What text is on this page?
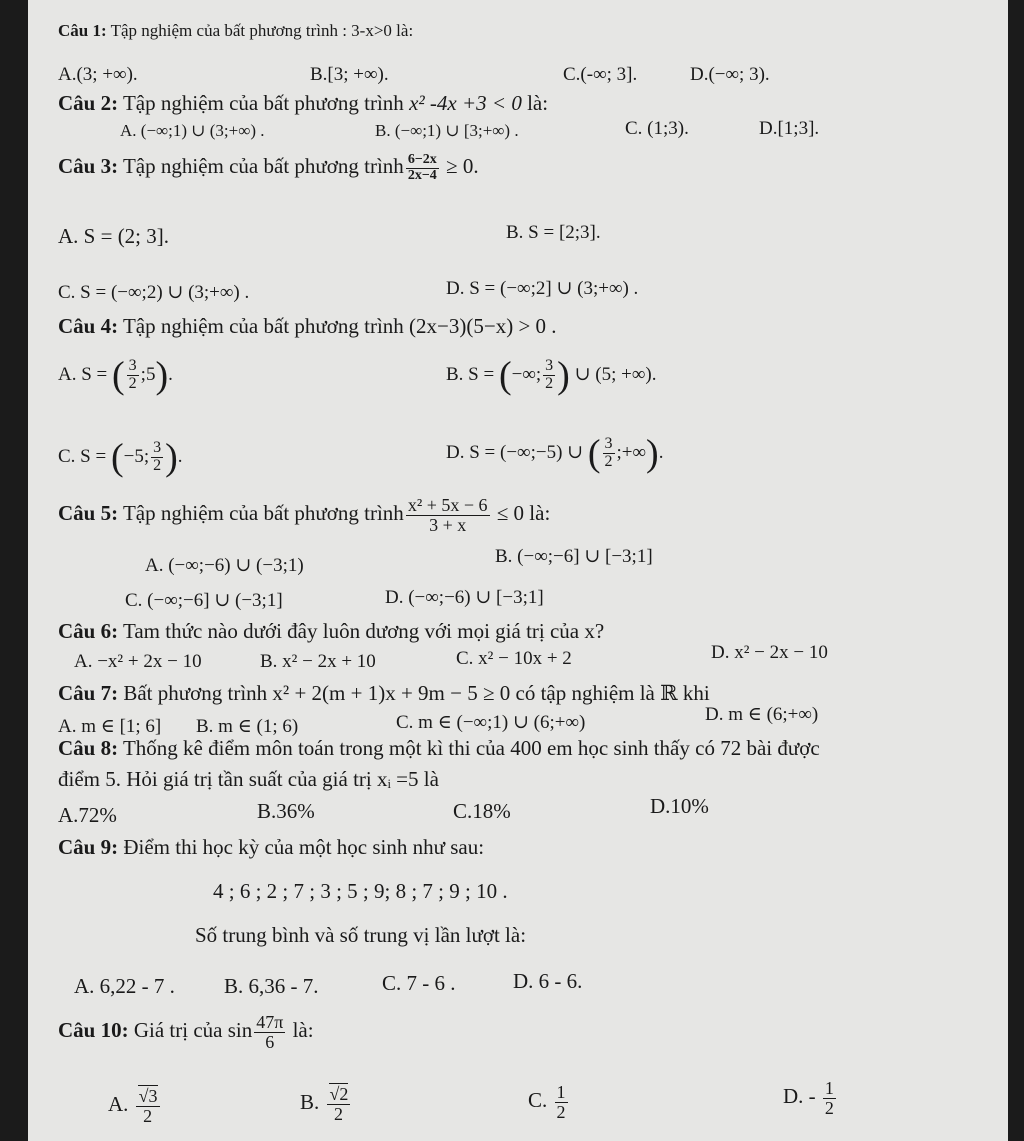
Câu 1: Tập nghiệm của bất phương trình : 3-x>0 là:
A.(3; +∞).	B.[3; +∞).	C.(-∞; 3].	D.(−∞; 3).
Câu 2: Tập nghiệm của bất phương trình x² -4x +3 < 0 là:
A. (−∞;1) ∪ (3;+∞) .	B. (−∞;1) ∪ [3;+∞) .	C. (1;3).	D.[1;3].
Câu 3: Tập nghiệm của bất phương trình $\frac{6-2x}{2x-4} \ge 0$.
A. S = (2; 3].	B. S = [2;3].
C. S = (−∞;2) ∪ (3;+∞) .	D. S = (−∞;2] ∪ (3;+∞) .
Câu 4: Tập nghiệm của bất phương trình (2x−3)(5−x) > 0 .
A. S = ( $\frac{3}{2}$ ;5).	B. S = (−∞; $\frac{3}{2}$ ) ∪ (5; +∞).
C. S = (−5; $\frac{3}{2}$ ).	D. S = (−∞;−5) ∪ ( $\frac{3}{2}$ ;+∞).
Câu 5: Tập nghiệm của bất phương trình $\frac{\text{x² + 5x − 6}}{3 + x} \le 0$ là:
A. (−∞;−6) ∪ (−3;1)	B. (−∞;−6] ∪ [−3;1]
C. (−∞;−6] ∪ (−3;1]	D. (−∞;−6) ∪ [−3;1]
Câu 6: Tam thức nào dưới đây luôn dương với mọi giá trị của x?
A. −x² + 2x − 10	B. x² − 2x + 10	C. x² − 10x + 2	D. x² − 2x − 10
Câu 7: Bất phương trình x² + 2(m + 1)x + 9m − 5 ≥ 0 có tập nghiệm là ℝ khi
A. m ∈ [1; 6] B. m ∈ (1; 6)	C. m ∈ (−∞;1) ∪ (6;+∞)	D. m ∈ (6;+∞)
Câu 8: Thống kê điểm môn toán trong một kì thi của 400 em học sinh thấy có 72 bài được
điểm 5. Hỏi giá trị tần suất của giá trị xᵢ =5 là
A.72%	B.36%	C.18%	D.10%
Câu 9: Điểm thi học kỳ của một học sinh như sau:
4 ; 6 ; 2 ; 7 ; 3 ; 5 ; 9; 8 ; 7 ; 9 ; 10 .
Số trung bình và số trung vị lần lượt là:
A. 6,22 - 7 . B. 6,36 - 7.	C. 7 - 6 .	D. 6 - 6.
Câu 10: Giá trị của $\sin \frac{47\pi}{6}$ là:
A. $\frac{√3}{2}$	B. $\frac{√2}{2}$	C. $\frac{1}{2}$	D. - $\frac{1}{2}$
